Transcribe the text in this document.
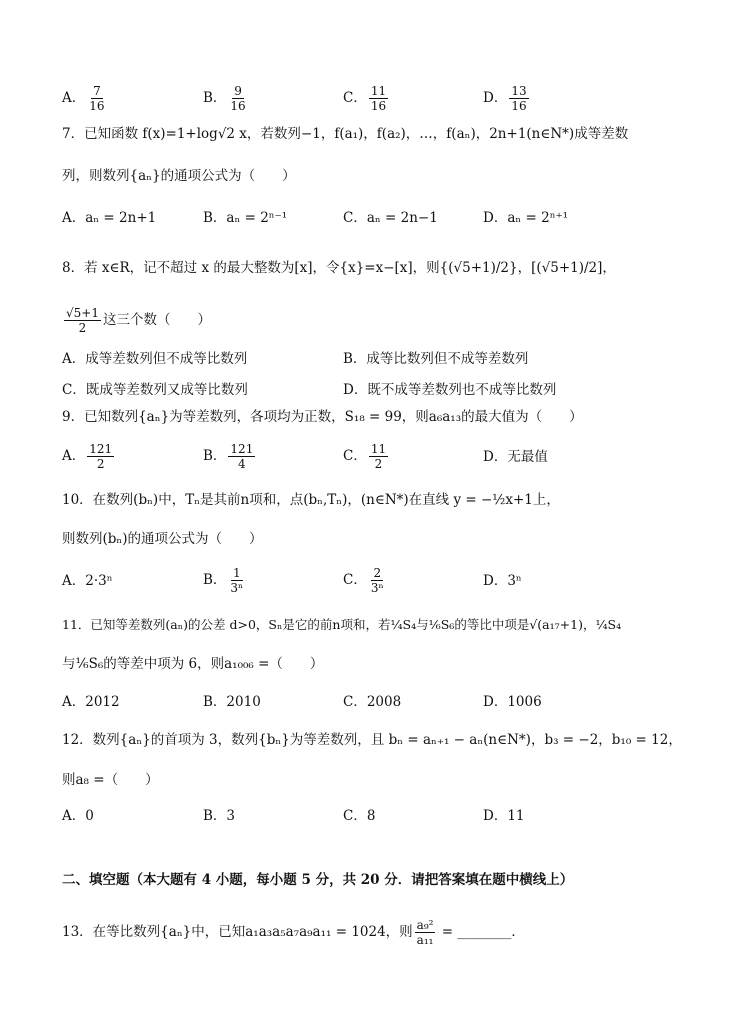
A． $\frac{7}{16}$	B． $\frac{9}{16}$	C． $\frac{11}{16}$	D． $\frac{13}{16}$
7．已知函数 f(x)=1+log√2 x，若数列−1，f(a₁)，f(a₂)，…，f(aₙ)，2n+1(n∈N*)成等差数
列，则数列{aₙ}的通项公式为（　　）
A．aₙ = 2n+1	B．aₙ = 2ⁿ⁻¹	C．aₙ = 2n−1	D．aₙ = 2ⁿ⁺¹
8．若 x∈R，记不超过 x 的最大整数为[x]，令{x}=x−[x]，则{(√5+1)/2}，[(√5+1)/2]，
$\frac{√5+1}{2}$ 这三个数（　　）
A．成等差数列但不成等比数列	B．成等比数列但不成等差数列
C．既成等差数列又成等比数列	D．既不成等差数列也不成等比数列
9．已知数列{aₙ}为等差数列，各项均为正数，S₁₈ = 99，则a₆a₁₃的最大值为（　　）
A． $\frac{121}{2}$	B． $\frac{121}{4}$	C． $\frac{11}{2}$	D．无最值
10．在数列(bₙ)中，Tₙ是其前n项和，点(bₙ,Tₙ)，(n∈N*)在直线 y = −½x+1上，
则数列(bₙ)的通项公式为（　　）
A．2·3ⁿ	B． $\frac{1}{\text{3ⁿ}}$	C． $\frac{2}{\text{3ⁿ}}$	D．3ⁿ
11．已知等差数列(aₙ)的公差 d>0，Sₙ是它的前n项和，若¼S₄与⅙S₆的等比中项是√(a₁₇+1)，¼S₄
与⅙S₆的等差中项为 6，则a₁₀₀₆ =（　　）
A．2012	B．2010	C．2008	D．1006
12．数列{aₙ}的首项为 3，数列{bₙ}为等差数列，且 bₙ = aₙ₊₁ − aₙ(n∈N*)，b₃ = −2，b₁₀ = 12，
则a₈ =（　　）
A．0	B．3	C．8	D．11
二、填空题（本大题有 4 小题，每小题 5 分，共 20 分．请把答案填在题中横线上）
13．在等比数列{aₙ}中，已知a₁a₃a₅a₇a₉a₁₁ = 1024，则 $\frac{\text{a₉²}}{\text{a₁₁}}$ = ________．
